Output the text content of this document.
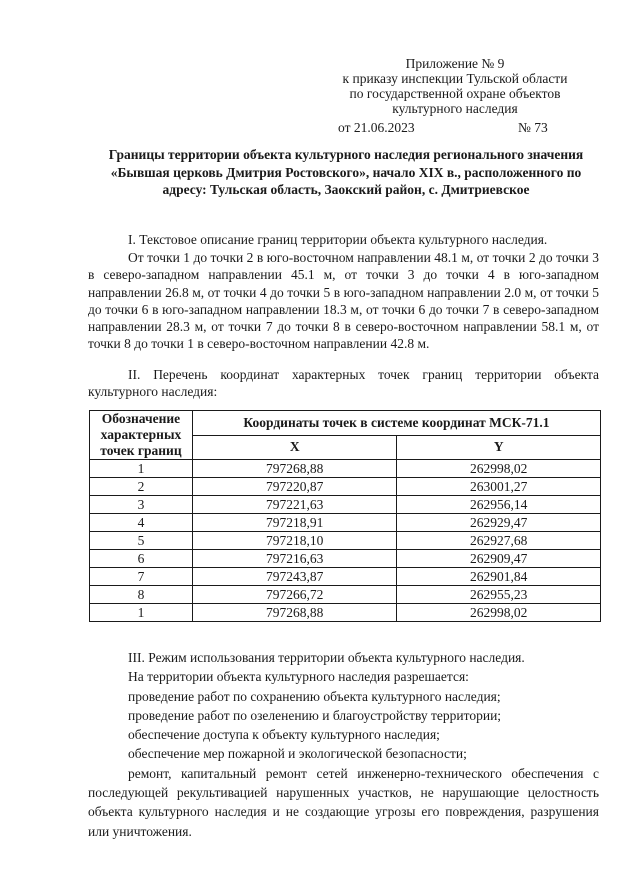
Приложение № 9
к приказу инспекции Тульской области
по государственной охране объектов
культурного наследия
от 21.06.2023	№ 73
Границы территории объекта культурного наследия регионального значения «Бывшая церковь Дмитрия Ростовского», начало XIX в., расположенного по адресу: Тульская область, Заокский район, с. Дмитриевское
I. Текстовое описание границ территории объекта культурного наследия.
От точки 1 до точки 2 в юго-восточном направлении 48.1 м, от точки 2 до точки 3 в северо-западном направлении 45.1 м, от точки 3 до точки 4 в юго-западном направлении 26.8 м, от точки 4 до точки 5 в юго-западном направлении 2.0 м, от точки 5 до точки 6 в юго-западном направлении 18.3 м, от точки 6 до точки 7 в северо-западном направлении 28.3 м, от точки 7 до точки 8 в северо-восточном направлении 58.1 м, от точки 8 до точки 1 в северо-восточном направлении 42.8 м.
II. Перечень координат характерных точек границ территории объекта культурного наследия:
Обозначение характерных точек границ	Координаты точек в системе координат МСК-71.1	
	X	Y
1	797268,88	262998,02
2	797220,87	263001,27
3	797221,63	262956,14
4	797218,91	262929,47
5	797218,10	262927,68
6	797216,63	262909,47
7	797243,87	262901,84
8	797266,72	262955,23
1	797268,88	262998,02
III. Режим использования территории объекта культурного наследия.
На территории объекта культурного наследия разрешается:
проведение работ по сохранению объекта культурного наследия;
проведение работ по озеленению и благоустройству территории;
обеспечение доступа к объекту культурного наследия;
обеспечение мер пожарной и экологической безопасности;
ремонт, капитальный ремонт сетей инженерно-технического обеспечения с последующей рекультивацией нарушенных участков, не нарушающие целостность объекта культурного наследия и не создающие угрозы его повреждения, разрушения или уничтожения.
